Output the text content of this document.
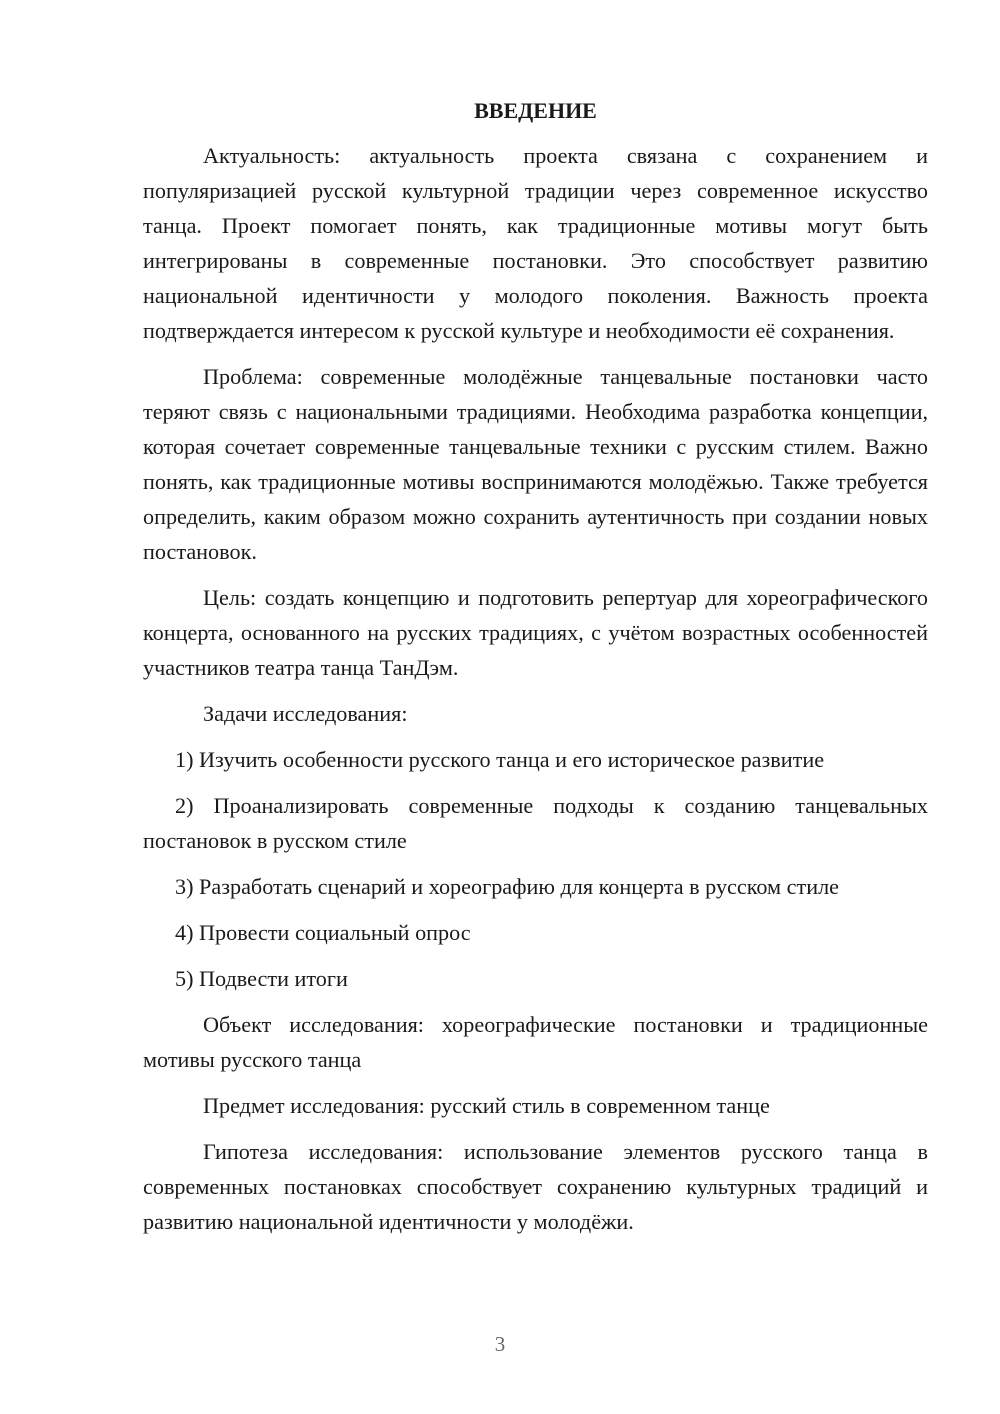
ВВЕДЕНИЕ

Актуальность: актуальность проекта связана с сохранением и популяризацией русской культурной традиции через современное искусство танца. Проект помогает понять, как традиционные мотивы могут быть интегрированы в современные постановки. Это способствует развитию национальной идентичности у молодого поколения. Важность проекта подтверждается интересом к русской культуре и необходимости её сохранения.

Проблема: современные молодёжные танцевальные постановки часто теряют связь с национальными традициями. Необходима разработка концепции, которая сочетает современные танцевальные техники с русским стилем. Важно понять, как традиционные мотивы воспринимаются молодёжью. Также требуется определить, каким образом можно сохранить аутентичность при создании новых постановок.

Цель: создать концепцию и подготовить репертуар для хореографического концерта, основанного на русских традициях, с учётом возрастных особенностей участников театра танца ТанДэм.

Задачи исследования:

1) Изучить особенности русского танца и его историческое развитие

2) Проанализировать современные подходы к созданию танцевальных постановок в русском стиле

3) Разработать сценарий и хореографию для концерта в русском стиле

4) Провести социальный опрос

5) Подвести итоги

Объект исследования: хореографические постановки и традиционные мотивы русского танца

Предмет исследования: русский стиль в современном танце

Гипотеза исследования: использование элементов русского танца в современных постановках способствует сохранению культурных традиций и развитию национальной идентичности у молодёжи.

3
